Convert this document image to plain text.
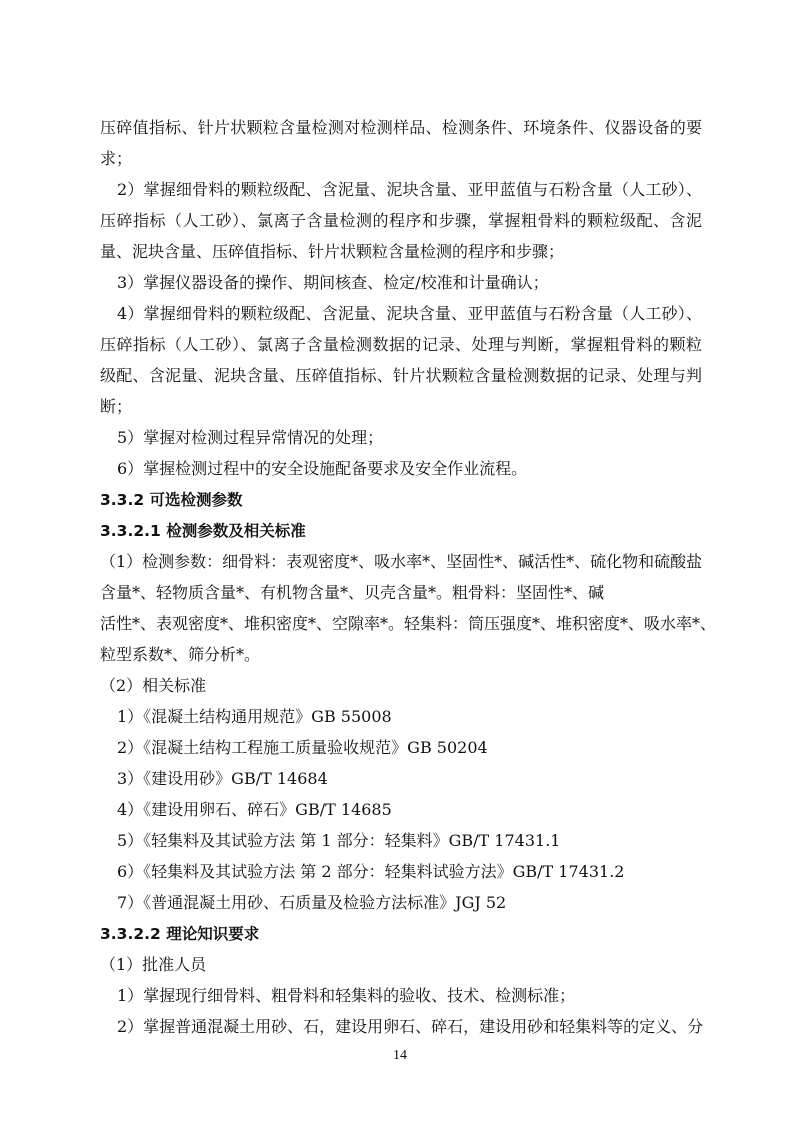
压碎值指标、针片状颗粒含量检测对检测样品、检测条件、环境条件、仪器设备的要
求；
2）掌握细骨料的颗粒级配、含泥量、泥块含量、亚甲蓝值与石粉含量（人工砂）、
压碎指标（人工砂）、氯离子含量检测的程序和步骤，掌握粗骨料的颗粒级配、含泥
量、泥块含量、压碎值指标、针片状颗粒含量检测的程序和步骤；
3）掌握仪器设备的操作、期间核查、检定/校准和计量确认；
4）掌握细骨料的颗粒级配、含泥量、泥块含量、亚甲蓝值与石粉含量（人工砂）、
压碎指标（人工砂）、氯离子含量检测数据的记录、处理与判断，掌握粗骨料的颗粒
级配、含泥量、泥块含量、压碎值指标、针片状颗粒含量检测数据的记录、处理与判
断；
5）掌握对检测过程异常情况的处理；
6）掌握检测过程中的安全设施配备要求及安全作业流程。
3.3.2 可选检测参数
3.3.2.1 检测参数及相关标准
（1）检测参数：细骨料：表观密度*、吸水率*、坚固性*、碱活性*、硫化物和硫酸盐
含量*、轻物质含量*、有机物含量*、贝壳含量*。粗骨料：坚固性*、碱
活性*、表观密度*、堆积密度*、空隙率*。轻集料：筒压强度*、堆积密度*、吸水率*、
粒型系数*、筛分析*。
（2）相关标准
1）《混凝土结构通用规范》GB 55008
2）《混凝土结构工程施工质量验收规范》GB 50204
3）《建设用砂》GB/T 14684
4）《建设用卵石、碎石》GB/T 14685
5）《轻集料及其试验方法 第 1 部分：轻集料》GB/T 17431.1
6）《轻集料及其试验方法 第 2 部分：轻集料试验方法》GB/T 17431.2
7）《普通混凝土用砂、石质量及检验方法标准》JGJ 52
3.3.2.2 理论知识要求
（1）批准人员
1）掌握现行细骨料、粗骨料和轻集料的验收、技术、检测标准；
2）掌握普通混凝土用砂、石，建设用卵石、碎石，建设用砂和轻集料等的定义、分
14
